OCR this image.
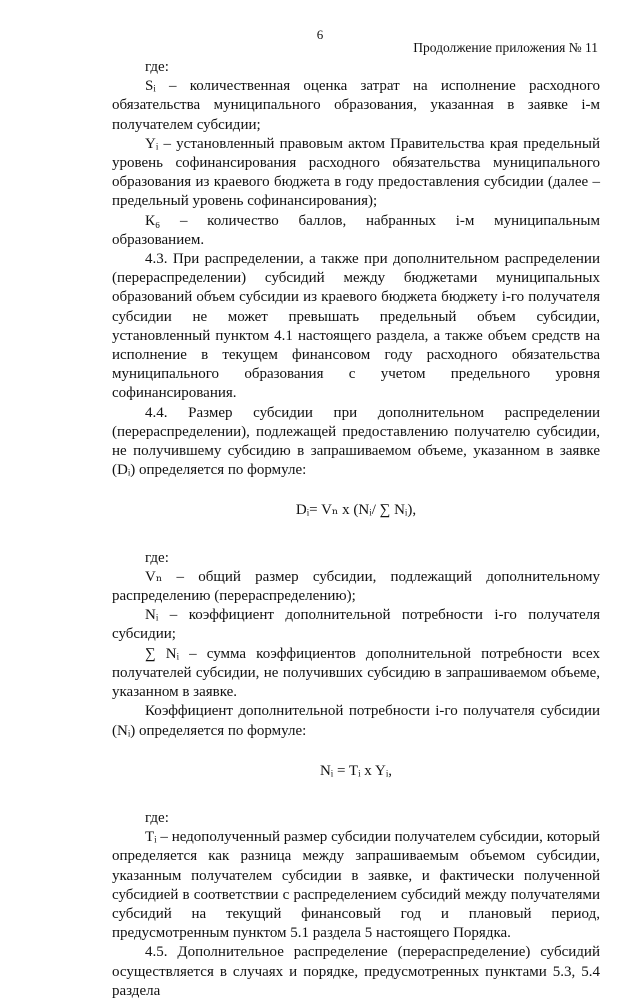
6
Продолжение приложения № 11

где:

Sᵢ – количественная оценка затрат на исполнение расходного обязательства муниципального образования, указанная в заявке i-м получателем субсидии;

Yᵢ – установленный правовым актом Правительства края предельный уровень софинансирования расходного обязательства муниципального образования из краевого бюджета в году предоставления субсидии (далее – предельный уровень софинансирования);

К₆ – количество баллов, набранных i-м муниципальным образованием.

4.3. При распределении, а также при дополнительном распределении (перераспределении) субсидий между бюджетами муниципальных образований объем субсидии из краевого бюджета бюджету i-го получателя субсидии не может превышать предельный объем субсидии, установленный пунктом 4.1 настоящего раздела, а также объем средств на исполнение в текущем финансовом году расходного обязательства муниципального образования с учетом предельного уровня софинансирования.

4.4. Размер субсидии при дополнительном распределении (перераспределении), подлежащей предоставлению получателю субсидии, не получившему субсидию в запрашиваемом объеме, указанном в заявке (Dᵢ) определяется по формуле:

Dᵢ= Vₙ x (Nᵢ/ ∑ Nᵢ),

где:

Vₙ – общий размер субсидии, подлежащий дополнительному распределению (перераспределению);

Nᵢ – коэффициент дополнительной потребности i-го получателя субсидии;

∑ Nᵢ – сумма коэффициентов дополнительной потребности всех получателей субсидии, не получивших субсидию в запрашиваемом объеме, указанном в заявке.

Коэффициент дополнительной потребности i-го получателя субсидии (Nᵢ) определяется по формуле:

Nᵢ = Tᵢ x Yᵢ,

где:

Tᵢ – недополученный размер субсидии получателем субсидии, который определяется как разница между запрашиваемым объемом субсидии, указанным получателем субсидии в заявке, и фактически полученной субсидией в соответствии с распределением субсидий между получателями субсидий на текущий финансовый год и плановый период, предусмотренным пунктом 5.1 раздела 5 настоящего Порядка.

4.5. Дополнительное распределение (перераспределение) субсидий осуществляется в случаях и порядке, предусмотренных пунктами 5.3, 5.4 раздела
